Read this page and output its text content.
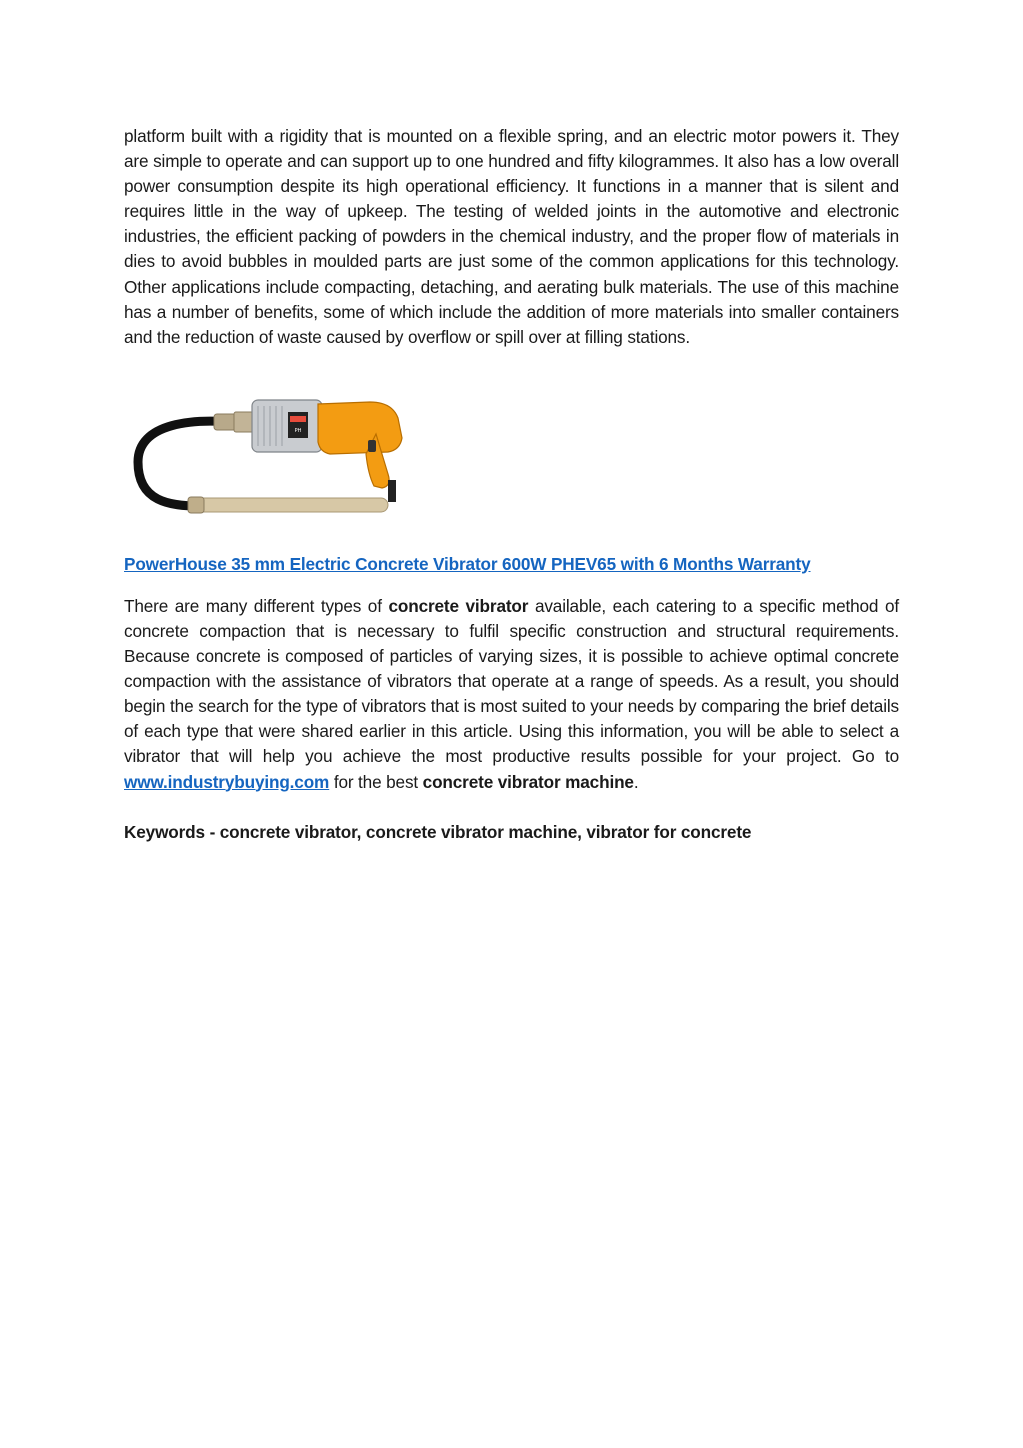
platform built with a rigidity that is mounted on a flexible spring, and an electric motor powers it. They are simple to operate and can support up to one hundred and fifty kilogrammes. It also has a low overall power consumption despite its high operational efficiency. It functions in a manner that is silent and requires little in the way of upkeep. The testing of welded joints in the automotive and electronic industries, the efficient packing of powders in the chemical industry, and the proper flow of materials in dies to avoid bubbles in moulded parts are just some of the common applications for this technology. Other applications include compacting, detaching, and aerating bulk materials. The use of this machine has a number of benefits, some of which include the addition of more materials into smaller containers and the reduction of waste caused by overflow or spill over at filling stations.

PH
PowerHouse 35 mm Electric Concrete Vibrator 600W PHEV65 with 6 Months Warranty

There are many different types of concrete vibrator available, each catering to a specific method of concrete compaction that is necessary to fulfil specific construction and structural requirements. Because concrete is composed of particles of varying sizes, it is possible to achieve optimal concrete compaction with the assistance of vibrators that operate at a range of speeds. As a result, you should begin the search for the type of vibrators that is most suited to your needs by comparing the brief details of each type that were shared earlier in this article. Using this information, you will be able to select a vibrator that will help you achieve the most productive results possible for your project. Go to www.industrybuying.com for the best concrete vibrator machine.

Keywords - concrete vibrator, concrete vibrator machine, vibrator for concrete
